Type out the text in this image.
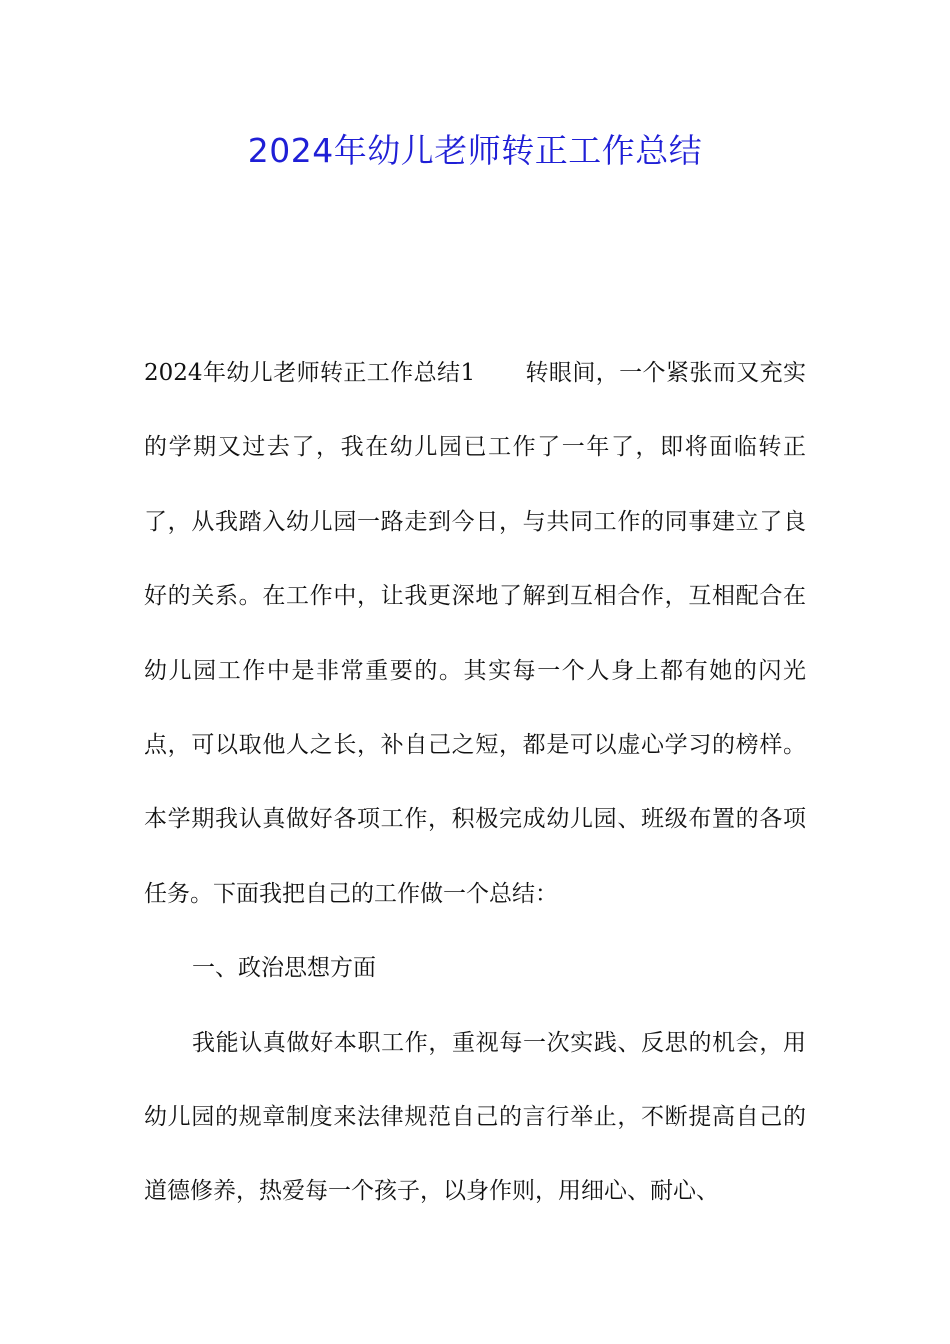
2024年幼儿老师转正工作总结

2024年幼儿老师转正工作总结1 转眼间，一个紧张而又充实的学期又过去了，我在幼儿园已工作了一年了，即将面临转正了，从我踏入幼儿园一路走到今日，与共同工作的同事建立了良好的关系。在工作中，让我更深地了解到互相合作，互相配合在幼儿园工作中是非常重要的。其实每一个人身上都有她的闪光点，可以取他人之长，补自己之短，都是可以虚心学习的榜样。本学期我认真做好各项工作，积极完成幼儿园、班级布置的各项任务。下面我把自己的工作做一个总结：

一、政治思想方面

我能认真做好本职工作，重视每一次实践、反思的机会，用幼儿园的规章制度来法律规范自己的言行举止，不断提高自己的道德修养，热爱每一个孩子，以身作则，用细心、耐心、
